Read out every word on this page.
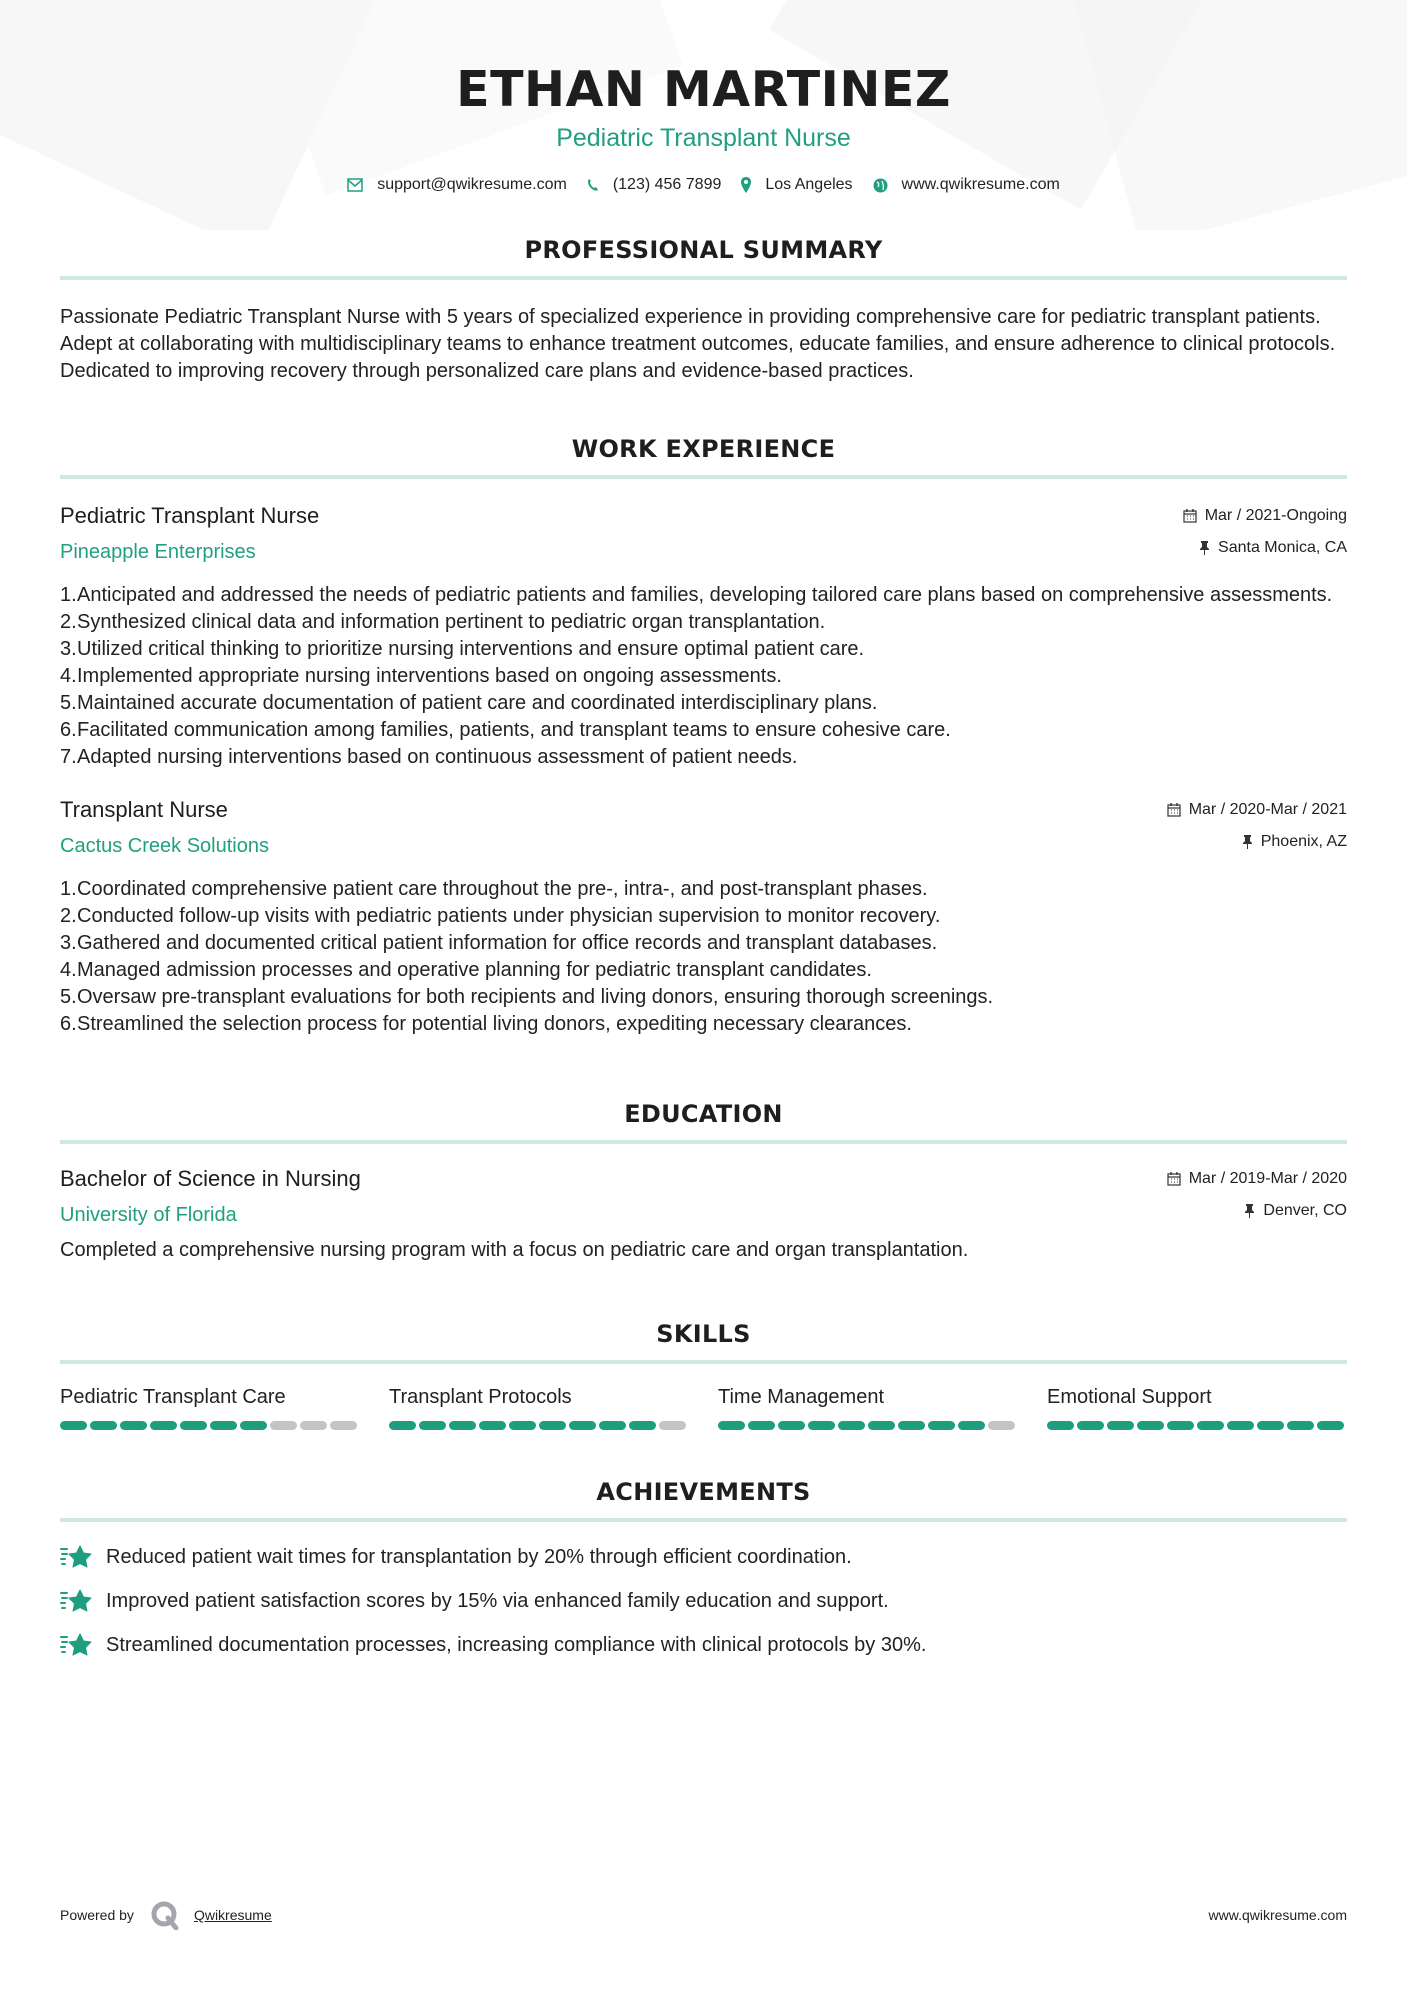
ETHAN MARTINEZ
Pediatric Transplant Nurse
support@qwikresume.com	(123) 456 7899	Los Angeles	www.qwikresume.com
PROFESSIONAL SUMMARY

Passionate Pediatric Transplant Nurse with 5 years of specialized experience in providing comprehensive care for pediatric transplant patients. Adept at collaborating with multidisciplinary teams to enhance treatment outcomes, educate families, and ensure adherence to clinical protocols. Dedicated to improving recovery through personalized care plans and evidence-based practices.

WORK EXPERIENCE
Pediatric Transplant Nurse
Pineapple Enterprises
Mar / 2021-Ongoing
Santa Monica, CA
1. Anticipated and addressed the needs of pediatric patients and families, developing tailored care plans based on comprehensive assessments.
2. Synthesized clinical data and information pertinent to pediatric organ transplantation.
3. Utilized critical thinking to prioritize nursing interventions and ensure optimal patient care.
4. Implemented appropriate nursing interventions based on ongoing assessments.
5. Maintained accurate documentation of patient care and coordinated interdisciplinary plans.
6. Facilitated communication among families, patients, and transplant teams to ensure cohesive care.
7. Adapted nursing interventions based on continuous assessment of patient needs.
Transplant Nurse
Cactus Creek Solutions
Mar / 2020-Mar / 2021
Phoenix, AZ
1. Coordinated comprehensive patient care throughout the pre-, intra-, and post-transplant phases.
2. Conducted follow-up visits with pediatric patients under physician supervision to monitor recovery.
3. Gathered and documented critical patient information for office records and transplant databases.
4. Managed admission processes and operative planning for pediatric transplant candidates.
5. Oversaw pre-transplant evaluations for both recipients and living donors, ensuring thorough screenings.
6. Streamlined the selection process for potential living donors, expediting necessary clearances.
EDUCATION
Bachelor of Science in Nursing
University of Florida
Mar / 2019-Mar / 2020
Denver, CO

Completed a comprehensive nursing program with a focus on pediatric care and organ transplantation.

SKILLS
Pediatric Transplant Care	Transplant Protocols	Time Management	Emotional Support
ACHIEVEMENTS
Reduced patient wait times for transplantation by 20% through efficient coordination.
Improved patient satisfaction scores by 15% via enhanced family education and support.
Streamlined documentation processes, increasing compliance with clinical protocols by 30%.
Powered by	Qwikresume	www.qwikresume.com
